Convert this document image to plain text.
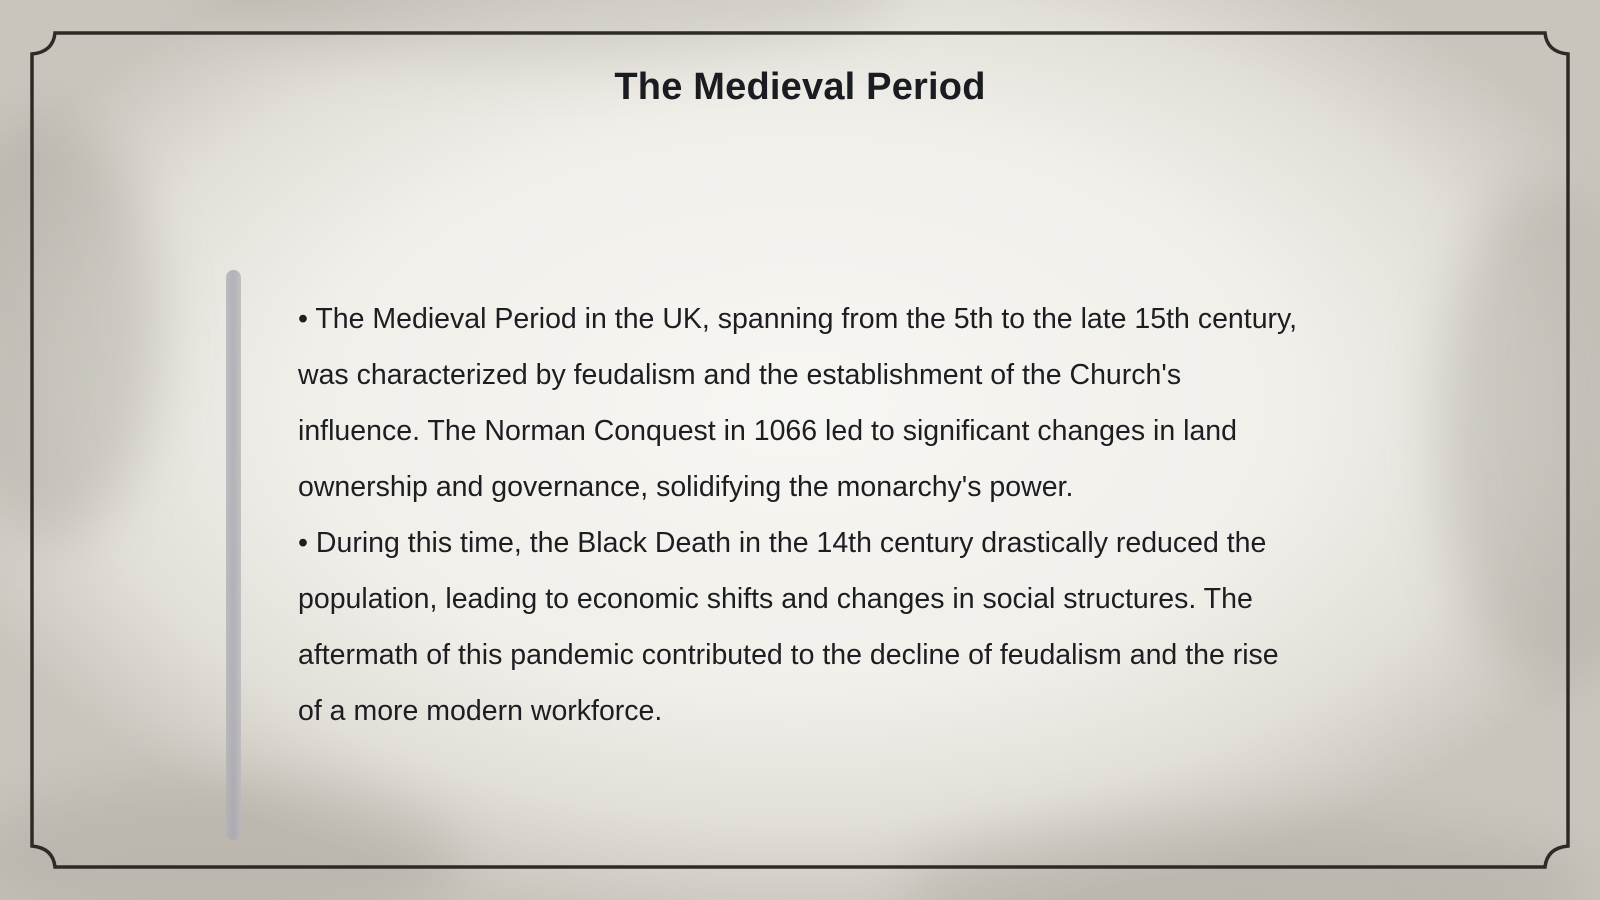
The Medieval Period

• The Medieval Period in the UK, spanning from the 5th to the late 15th century, was characterized by feudalism and the establishment of the Church's influence. The Norman Conquest in 1066 led to significant changes in land ownership and governance, solidifying the monarchy's power.

• During this time, the Black Death in the 14th century drastically reduced the population, leading to economic shifts and changes in social structures. The aftermath of this pandemic contributed to the decline of feudalism and the rise of a more modern workforce.
